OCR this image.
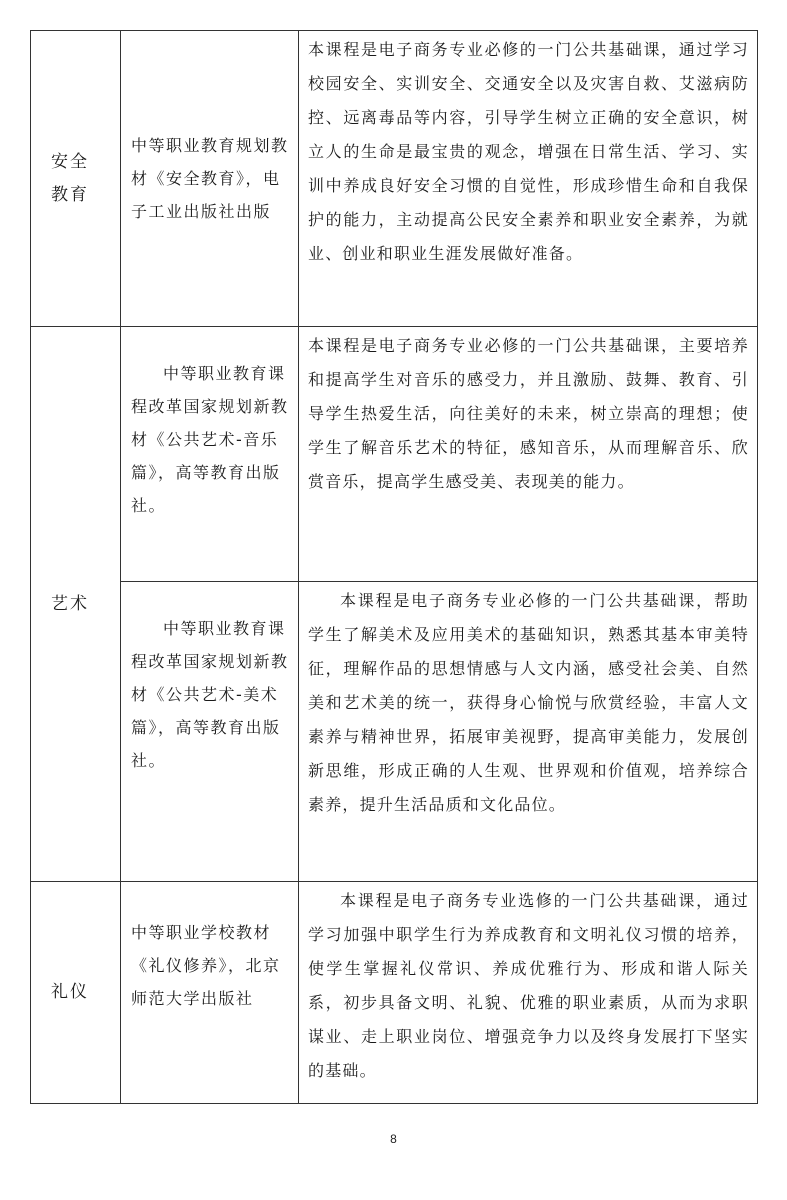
安全教育	中等职业教育规划教材《安全教育》，电子工业出版社出版	本课程是电子商务专业必修的一门公共基础课，通过学习校园安全、实训安全、交通安全以及灾害自救、艾滋病防控、远离毒品等内容，引导学生树立正确的安全意识，树立人的生命是最宝贵的观念，增强在日常生活、学习、实训中养成良好安全习惯的自觉性，形成珍惜生命和自我保护的能力，主动提高公民安全素养和职业安全素养，为就业、创业和职业生涯发展做好准备。

艺术	中等职业教育课程改革国家规划新教材《公共艺术-音乐篇》，高等教育出版社。	本课程是电子商务专业必修的一门公共基础课，主要培养和提高学生对音乐的感受力，并且激励、鼓舞、教育、引导学生热爱生活，向往美好的未来，树立崇高的理想；使学生了解音乐艺术的特征，感知音乐，从而理解音乐、欣赏音乐，提高学生感受美、表现美的能力。

	中等职业教育课程改革国家规划新教材《公共艺术-美术篇》，高等教育出版社。	本课程是电子商务专业必修的一门公共基础课，帮助学生了解美术及应用美术的基础知识，熟悉其基本审美特征，理解作品的思想情感与人文内涵，感受社会美、自然美和艺术美的统一，获得身心愉悦与欣赏经验，丰富人文素养与精神世界，拓展审美视野，提高审美能力，发展创新思维，形成正确的人生观、世界观和价值观，培养综合素养，提升生活品质和文化品位。

礼仪	中等职业学校教材《礼仪修养》，北京师范大学出版社	本课程是电子商务专业选修的一门公共基础课，通过学习加强中职学生行为养成教育和文明礼仪习惯的培养，使学生掌握礼仪常识、养成优雅行为、形成和谐人际关系，初步具备文明、礼貌、优雅的职业素质，从而为求职谋业、走上职业岗位、增强竞争力以及终身发展打下坚实的基础。
8
